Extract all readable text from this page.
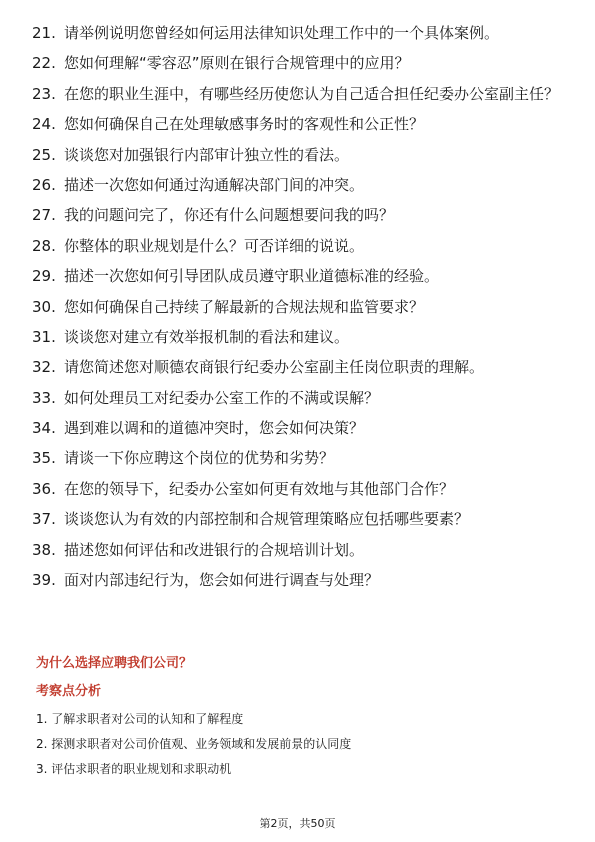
21. 请举例说明您曾经如何运用法律知识处理工作中的一个具体案例。
22. 您如何理解“零容忍”原则在银行合规管理中的应用？
23. 在您的职业生涯中，有哪些经历使您认为自己适合担任纪委办公室副主任？
24. 您如何确保自己在处理敏感事务时的客观性和公正性？
25. 谈谈您对加强银行内部审计独立性的看法。
26. 描述一次您如何通过沟通解决部门间的冲突。
27. 我的问题问完了，你还有什么问题想要问我的吗？
28. 你整体的职业规划是什么？可否详细的说说。
29. 描述一次您如何引导团队成员遵守职业道德标准的经验。
30. 您如何确保自己持续了解最新的合规法规和监管要求？
31. 谈谈您对建立有效举报机制的看法和建议。
32. 请您简述您对顺德农商银行纪委办公室副主任岗位职责的理解。
33. 如何处理员工对纪委办公室工作的不满或误解？
34. 遇到难以调和的道德冲突时，您会如何决策？
35. 请谈一下你应聘这个岗位的优势和劣势？
36. 在您的领导下，纪委办公室如何更有效地与其他部门合作？
37. 谈谈您认为有效的内部控制和合规管理策略应包括哪些要素？
38. 描述您如何评估和改进银行的合规培训计划。
39. 面对内部违纪行为，您会如何进行调查与处理？
为什么选择应聘我们公司？
考察点分析
1. 了解求职者对公司的认知和了解程度
2. 探测求职者对公司价值观、业务领域和发展前景的认同度
3. 评估求职者的职业规划和求职动机
第2页，共50页
